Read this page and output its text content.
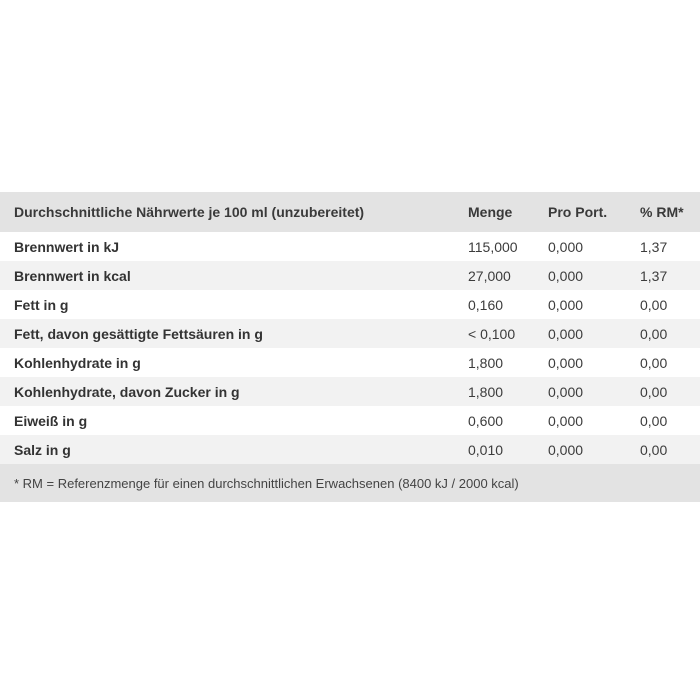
Durchschnittliche Nährwerte je 100 ml (unzubereitet)	Menge	Pro Port.	% RM*
Brennwert in kJ	115,000	0,000	1,37
Brennwert in kcal	27,000	0,000	1,37
Fett in g	0,160	0,000	0,00
Fett, davon gesättigte Fettsäuren in g	< 0,100	0,000	0,00
Kohlenhydrate in g	1,800	0,000	0,00
Kohlenhydrate, davon Zucker in g	1,800	0,000	0,00
Eiweiß in g	0,600	0,000	0,00
Salz in g	0,010	0,000	0,00
* RM = Referenzmenge für einen durchschnittlichen Erwachsenen (8400 kJ / 2000 kcal)			
